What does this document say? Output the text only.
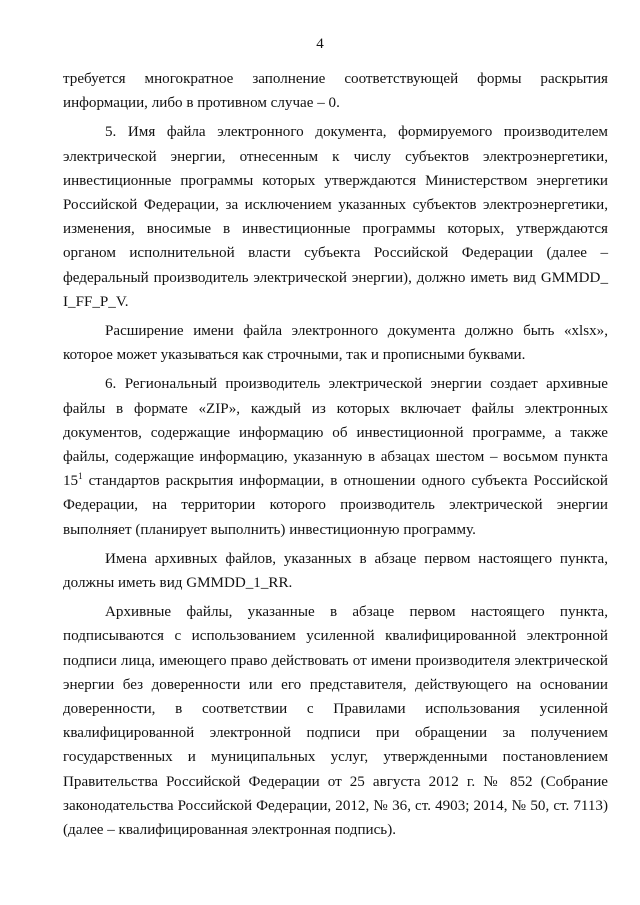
4

требуется многократное заполнение соответствующей формы раскрытия информации, либо в противном случае – 0.

5. Имя файла электронного документа, формируемого производителем электрической энергии, отнесенным к числу субъектов электроэнергетики, инвестиционные программы которых утверждаются Министерством энергетики Российской Федерации, за исключением указанных субъектов электроэнергетики, изменения, вносимые в инвестиционные программы которых, утверждаются органом исполнительной власти субъекта Российской Федерации (далее – федеральный производитель электрической энергии), должно иметь вид GMMDD_ I_FF_P_V.

Расширение имени файла электронного документа должно быть «xlsx», которое может указываться как строчными, так и прописными буквами.

6. Региональный производитель электрической энергии создает архивные файлы в формате «ZIP», каждый из которых включает файлы электронных документов, содержащие информацию об инвестиционной программе, а также файлы, содержащие информацию, указанную в абзацах шестом – восьмом пункта $15^1$ стандартов раскрытия информации, в отношении одного субъекта Российской Федерации, на территории которого производитель электрической энергии выполняет (планирует выполнить) инвестиционную программу.

Имена архивных файлов, указанных в абзаце первом настоящего пункта, должны иметь вид GMMDD_1_RR.

Архивные файлы, указанные в абзаце первом настоящего пункта, подписываются с использованием усиленной квалифицированной электронной подписи лица, имеющего право действовать от имени производителя электрической энергии без доверенности или его представителя, действующего на основании доверенности, в соответствии с Правилами использования усиленной квалифицированной электронной подписи при обращении за получением государственных и муниципальных услуг, утвержденными постановлением Правительства Российской Федерации от 25 августа 2012 г. № 852 (Собрание законодательства Российской Федерации, 2012, № 36, ст. 4903; 2014, № 50, ст. 7113) (далее – квалифицированная электронная подпись).
